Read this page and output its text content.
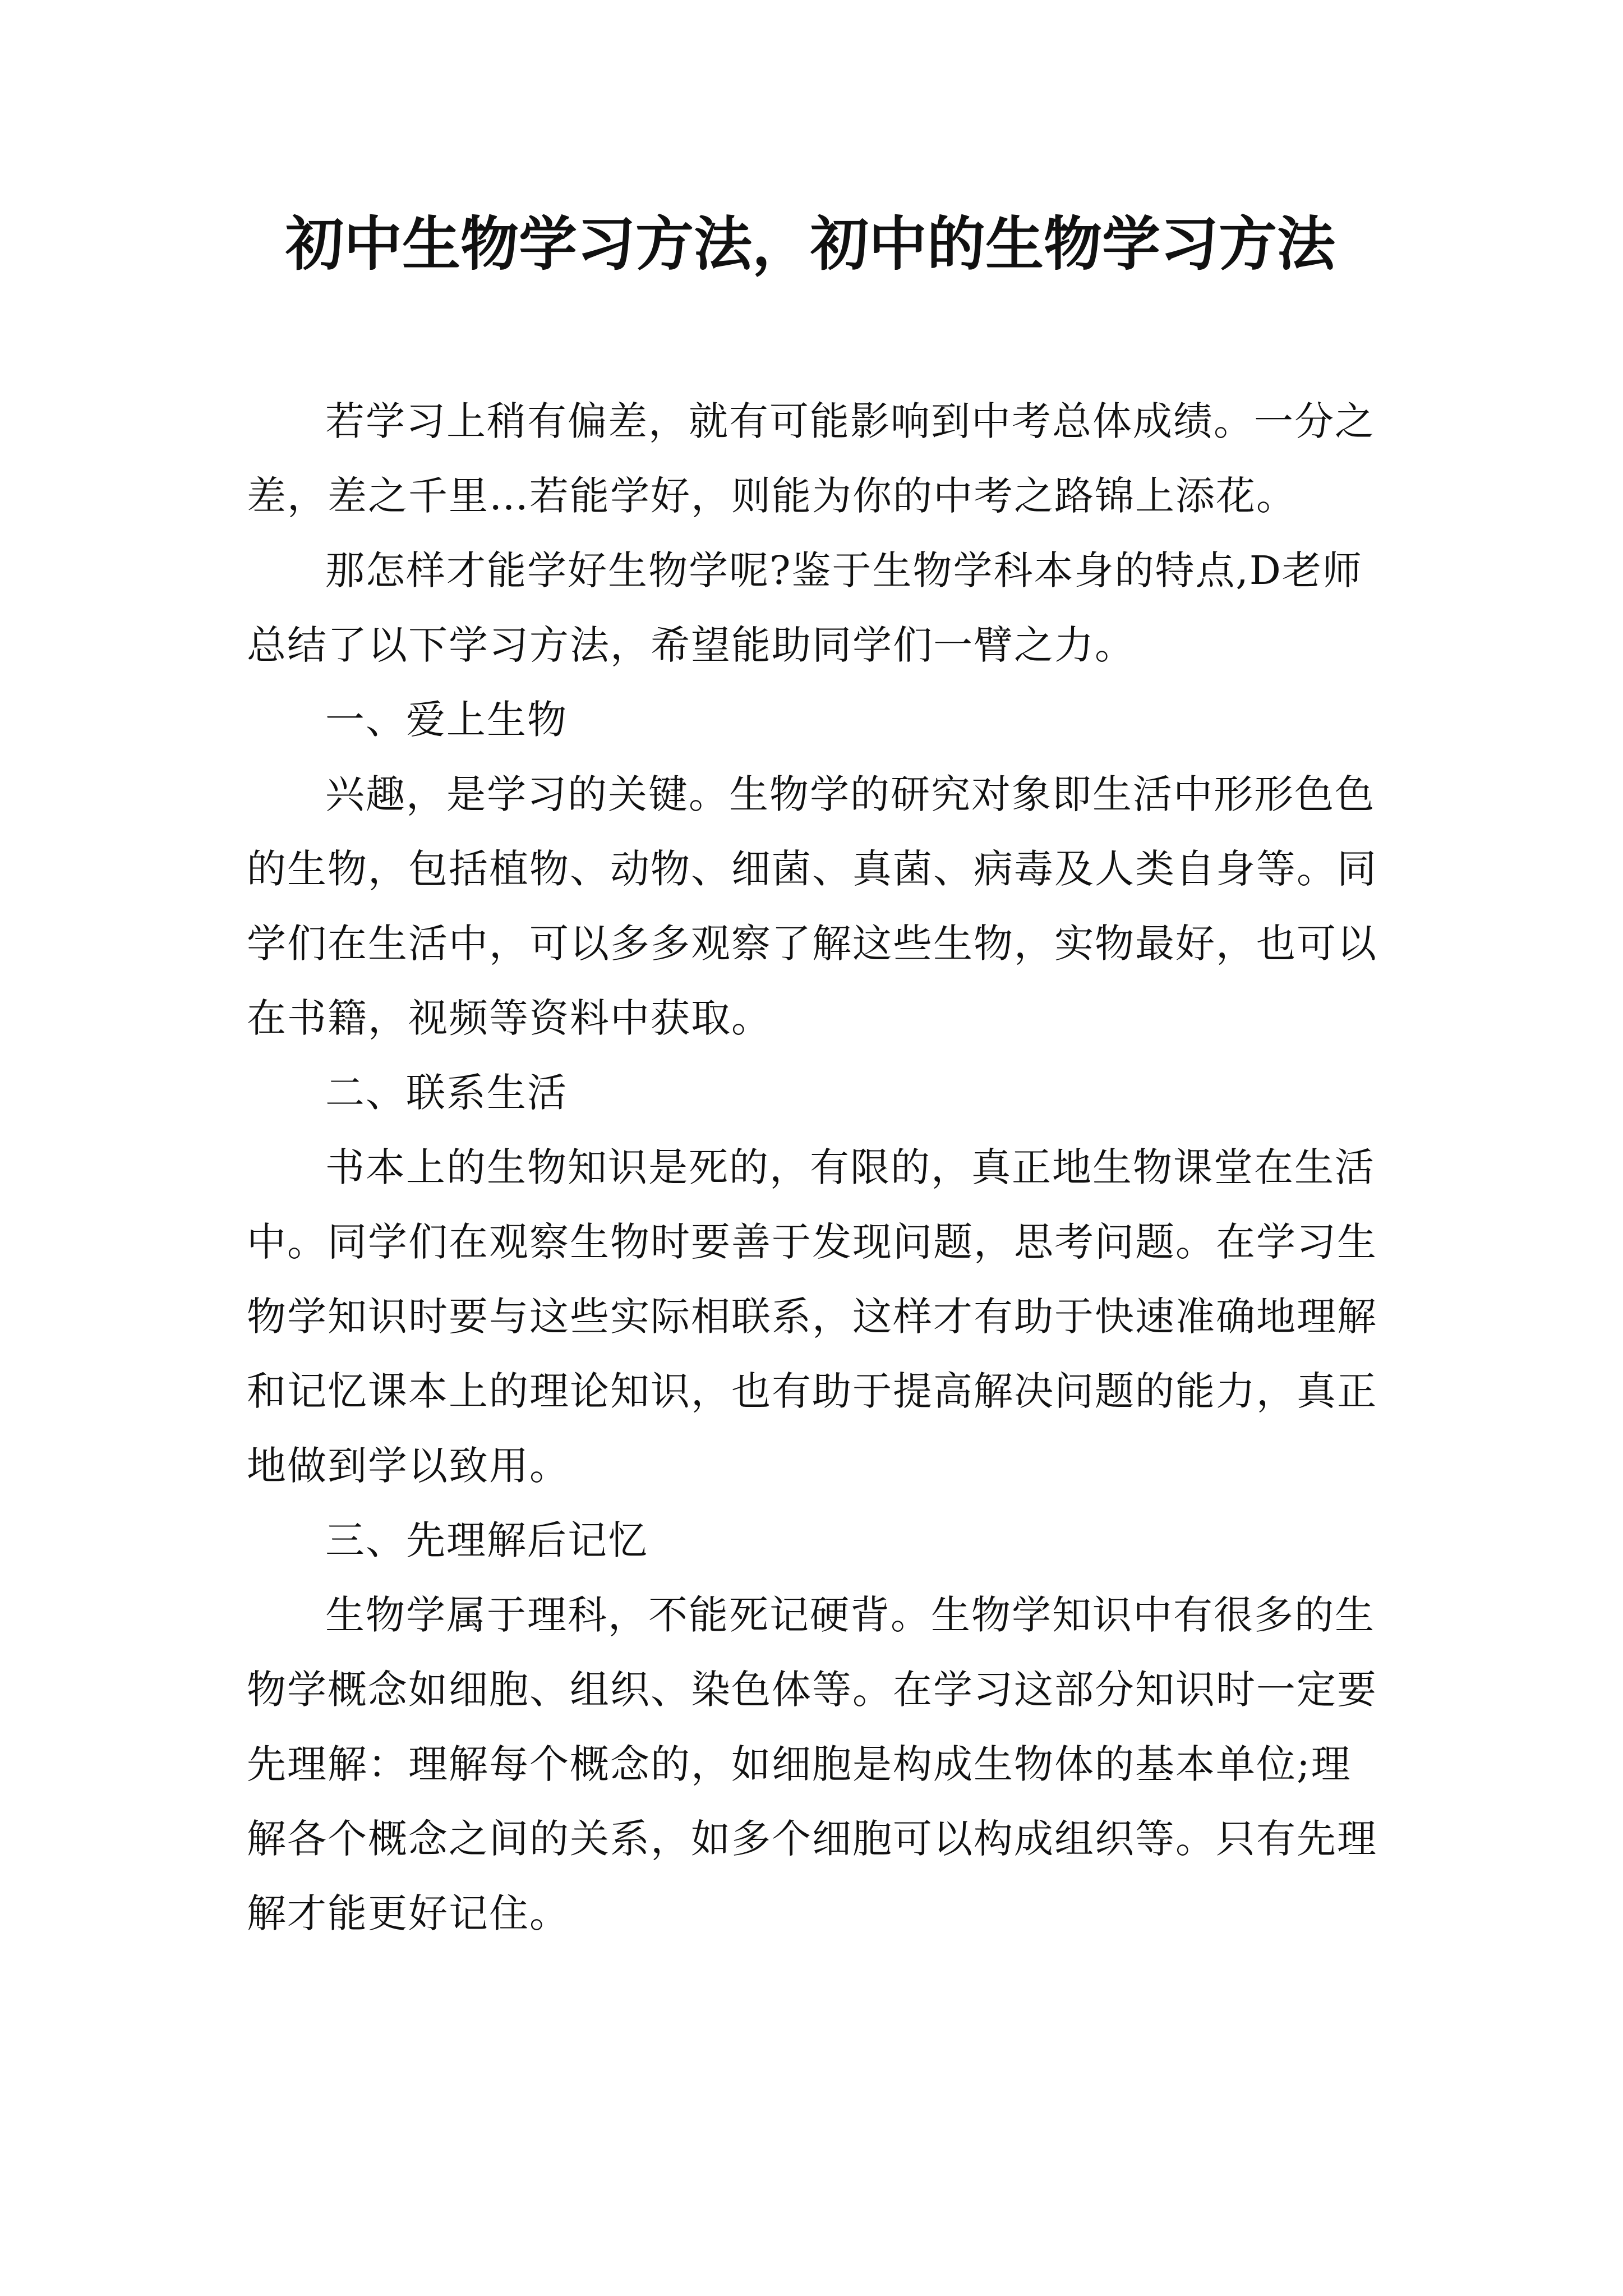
初中生物学习方法，初中的生物学习方法

若学习上稍有偏差，就有可能影响到中考总体成绩。一分之差，差之千里…若能学好，则能为你的中考之路锦上添花。

那怎样才能学好生物学呢?鉴于生物学科本身的特点,D老师总结了以下学习方法，希望能助同学们一臂之力。

一、爱上生物

兴趣，是学习的关键。生物学的研究对象即生活中形形色色的生物，包括植物、动物、细菌、真菌、病毒及人类自身等。同学们在生活中，可以多多观察了解这些生物，实物最好，也可以在书籍，视频等资料中获取。

二、联系生活

书本上的生物知识是死的，有限的，真正地生物课堂在生活中。同学们在观察生物时要善于发现问题，思考问题。在学习生物学知识时要与这些实际相联系，这样才有助于快速准确地理解和记忆课本上的理论知识，也有助于提高解决问题的能力，真正地做到学以致用。

三、先理解后记忆

生物学属于理科，不能死记硬背。生物学知识中有很多的生物学概念如细胞、组织、染色体等。在学习这部分知识时一定要先理解：理解每个概念的，如细胞是构成生物体的基本单位;理解各个概念之间的关系，如多个细胞可以构成组织等。只有先理解才能更好记住。
